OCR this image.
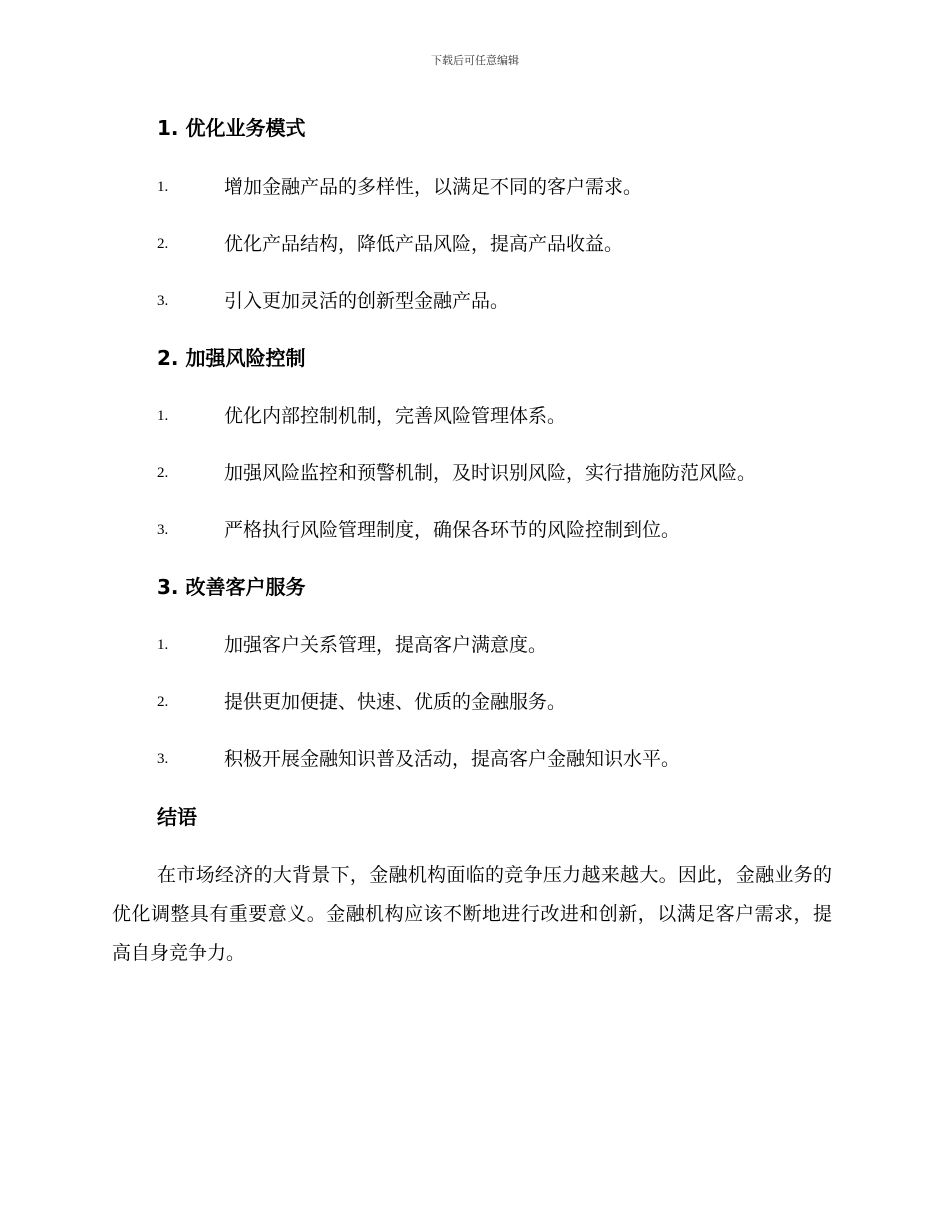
下载后可任意编辑
1. 优化业务模式
1.	增加金融产品的多样性，以满足不同的客户需求。
2.	优化产品结构，降低产品风险，提高产品收益。
3.	引入更加灵活的创新型金融产品。
2. 加强风险控制
1.	优化内部控制机制，完善风险管理体系。
2.	加强风险监控和预警机制，及时识别风险，实行措施防范风险。
3.	严格执行风险管理制度，确保各环节的风险控制到位。
3. 改善客户服务
1.	加强客户关系管理，提高客户满意度。
2.	提供更加便捷、快速、优质的金融服务。
3.	积极开展金融知识普及活动，提高客户金融知识水平。
结语

在市场经济的大背景下，金融机构面临的竞争压力越来越大。因此，金融业务的优化调整具有重要意义。金融机构应该不断地进行改进和创新，以满足客户需求，提高自身竞争力。
